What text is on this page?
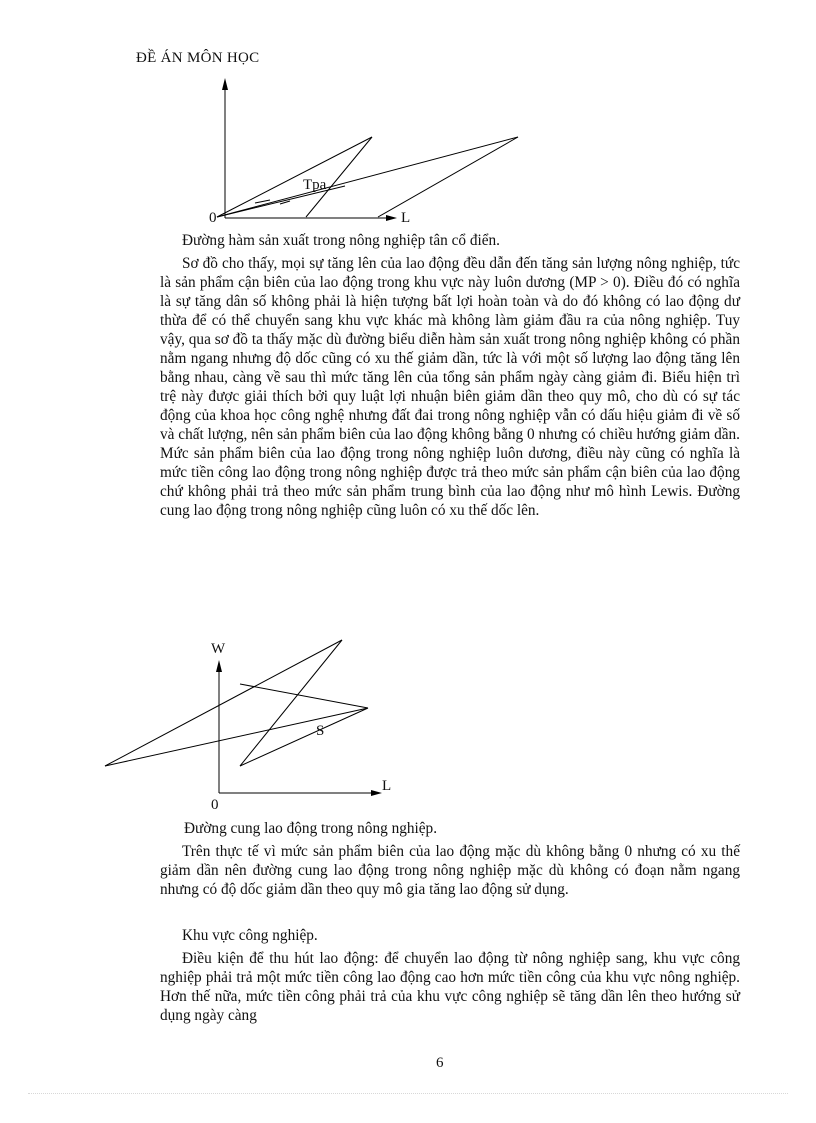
ĐỀ ÁN MÔN HỌC
Tpa
0	L
Đường hàm sản xuất trong nông nghiệp tân cổ điển.
Sơ đồ cho thấy, mọi sự tăng lên của lao động đều dẫn đến tăng sản lượng nông nghiệp, tức là sản phẩm cận biên của lao động trong khu vực này luôn dương (MP > 0). Điều đó có nghĩa là sự tăng dân số không phải là hiện tượng bất lợi hoàn toàn và do đó không có lao động dư thừa để có thể chuyển sang khu vực khác mà không làm giảm đầu ra của nông nghiệp. Tuy vậy, qua sơ đồ ta thấy mặc dù đường biểu diễn hàm sản xuất trong nông nghiệp không có phần nằm ngang nhưng độ dốc cũng có xu thế giảm dần, tức là với một số lượng lao động tăng lên bằng nhau, càng về sau thì mức tăng lên của tổng sản phẩm ngày càng giảm đi. Biểu hiện trì trệ này được giải thích bởi quy luật lợi nhuận biên giảm dần theo quy mô, cho dù có sự tác động của khoa học công nghệ nhưng đất đai trong nông nghiệp vẫn có dấu hiệu giảm đi về số và chất lượng, nên sản phẩm biên của lao động không bằng 0 nhưng có chiều hướng giảm dần. Mức sản phẩm biên của lao động trong nông nghiệp luôn dương, điều này cũng có nghĩa là mức tiền công lao động trong nông nghiệp được trả theo mức sản phẩm cận biên của lao động chứ không phải trả theo mức sản phẩm trung bình của lao động như mô hình Lewis. Đường cung lao động trong nông nghiệp cũng luôn có xu thế dốc lên.
W
S
L
0
Đường cung lao động trong nông nghiệp.
Trên thực tế vì mức sản phẩm biên của lao động mặc dù không bằng 0 nhưng có xu thế giảm dần nên đường cung lao động trong nông nghiệp mặc dù không có đoạn nằm ngang nhưng có độ dốc giảm dần theo quy mô gia tăng lao động sử dụng.
Khu vực công nghiệp.
Điều kiện để thu hút lao động: để chuyển lao động từ nông nghiệp sang, khu vực công nghiệp phải trả một mức tiền công lao động cao hơn mức tiền công của khu vực nông nghiệp. Hơn thế nữa, mức tiền công phải trả của khu vực công nghiệp sẽ tăng dần lên theo hướng sử dụng ngày càng
6
